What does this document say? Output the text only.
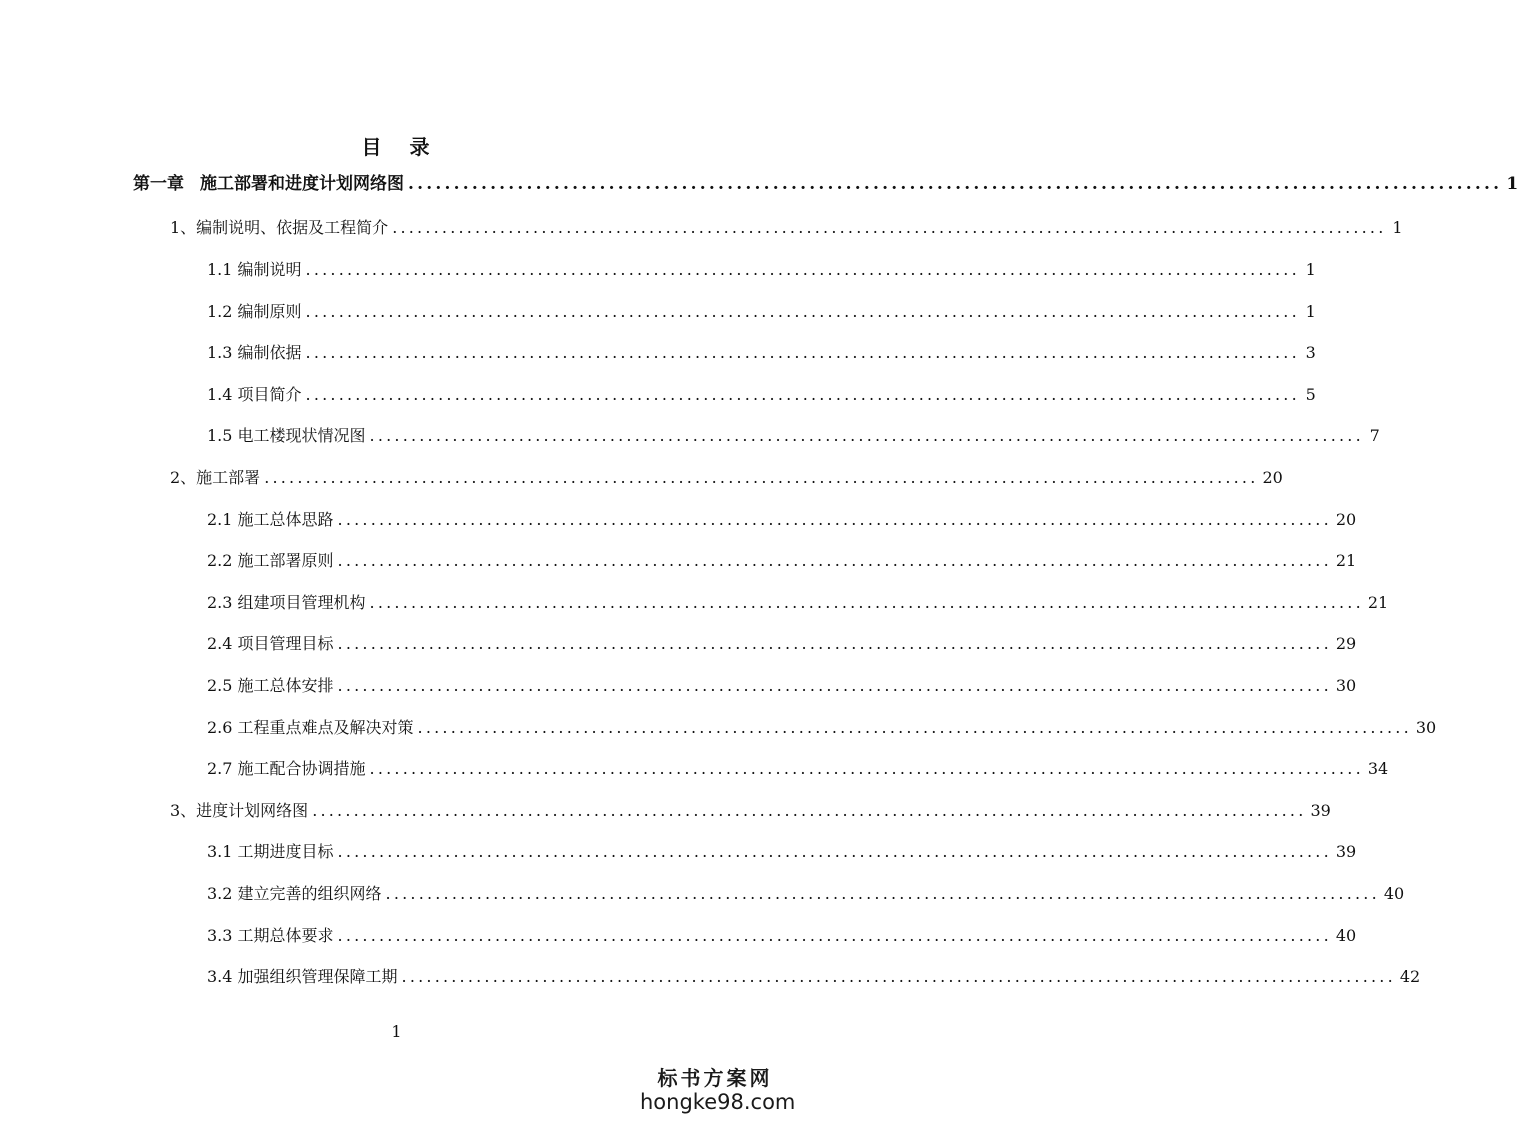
目 录
第一章 施工部署和进度计划网络图 ........................................................................................................................ 1
1、编制说明、依据及工程简介 ........................................................................................................................ 1
1.1 编制说明 ........................................................................................................................ 1
1.2 编制原则 ........................................................................................................................ 1
1.3 编制依据 ........................................................................................................................ 3
1.4 项目简介 ........................................................................................................................ 5
1.5 电工楼现状情况图 ........................................................................................................................ 7
2、施工部署 ........................................................................................................................ 20
2.1 施工总体思路 ........................................................................................................................ 20
2.2 施工部署原则 ........................................................................................................................ 21
2.3 组建项目管理机构 ........................................................................................................................ 21
2.4 项目管理目标 ........................................................................................................................ 29
2.5 施工总体安排 ........................................................................................................................ 30
2.6 工程重点难点及解决对策 ........................................................................................................................ 30
2.7 施工配合协调措施 ........................................................................................................................ 34
3、进度计划网络图 ........................................................................................................................ 39
3.1 工期进度目标 ........................................................................................................................ 39
3.2 建立完善的组织网络 ........................................................................................................................ 40
3.3 工期总体要求 ........................................................................................................................ 40
3.4 加强组织管理保障工期 ........................................................................................................................ 42
1
标书方案网
hongke98.com
